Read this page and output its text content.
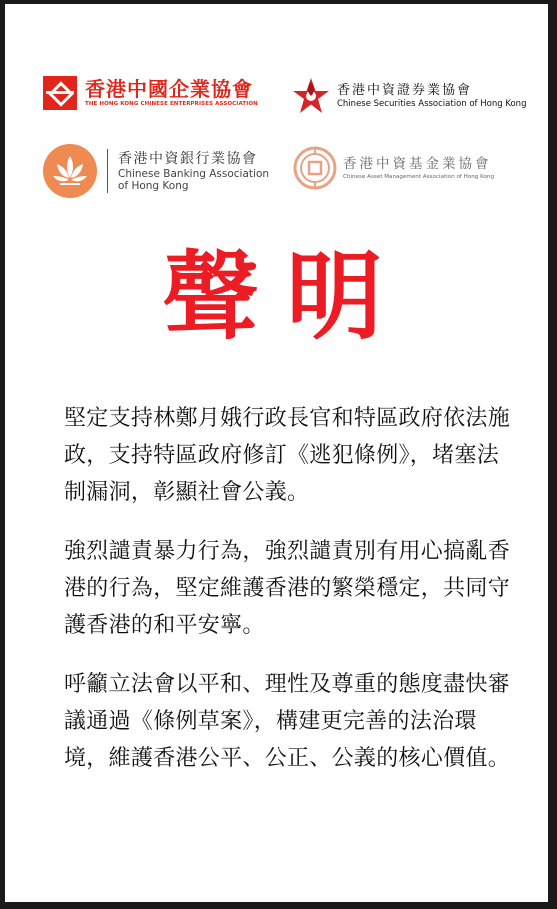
香港中國企業協會
THE HONG KONG CHINESE ENTERPRISES ASSOCIATION
香港中資證券業協會
Chinese Securities Association of Hong Kong
香港中資銀行業協會
Chinese Banking Association
of Hong Kong
香港中資基金業協會
Chinese Asset Management Association of Hong Kong
聲明

堅定支持林鄭月娥行政長官和特區政府依法施政，支持特區政府修訂《逃犯條例》，堵塞法制漏洞，彰顯社會公義。

強烈譴責暴力行為，強烈譴責別有用心搞亂香港的行為，堅定維護香港的繁榮穩定，共同守護香港的和平安寧。

呼籲立法會以平和、理性及尊重的態度盡快審議通過《條例草案》，構建更完善的法治環境，維護香港公平、公正、公義的核心價值。
